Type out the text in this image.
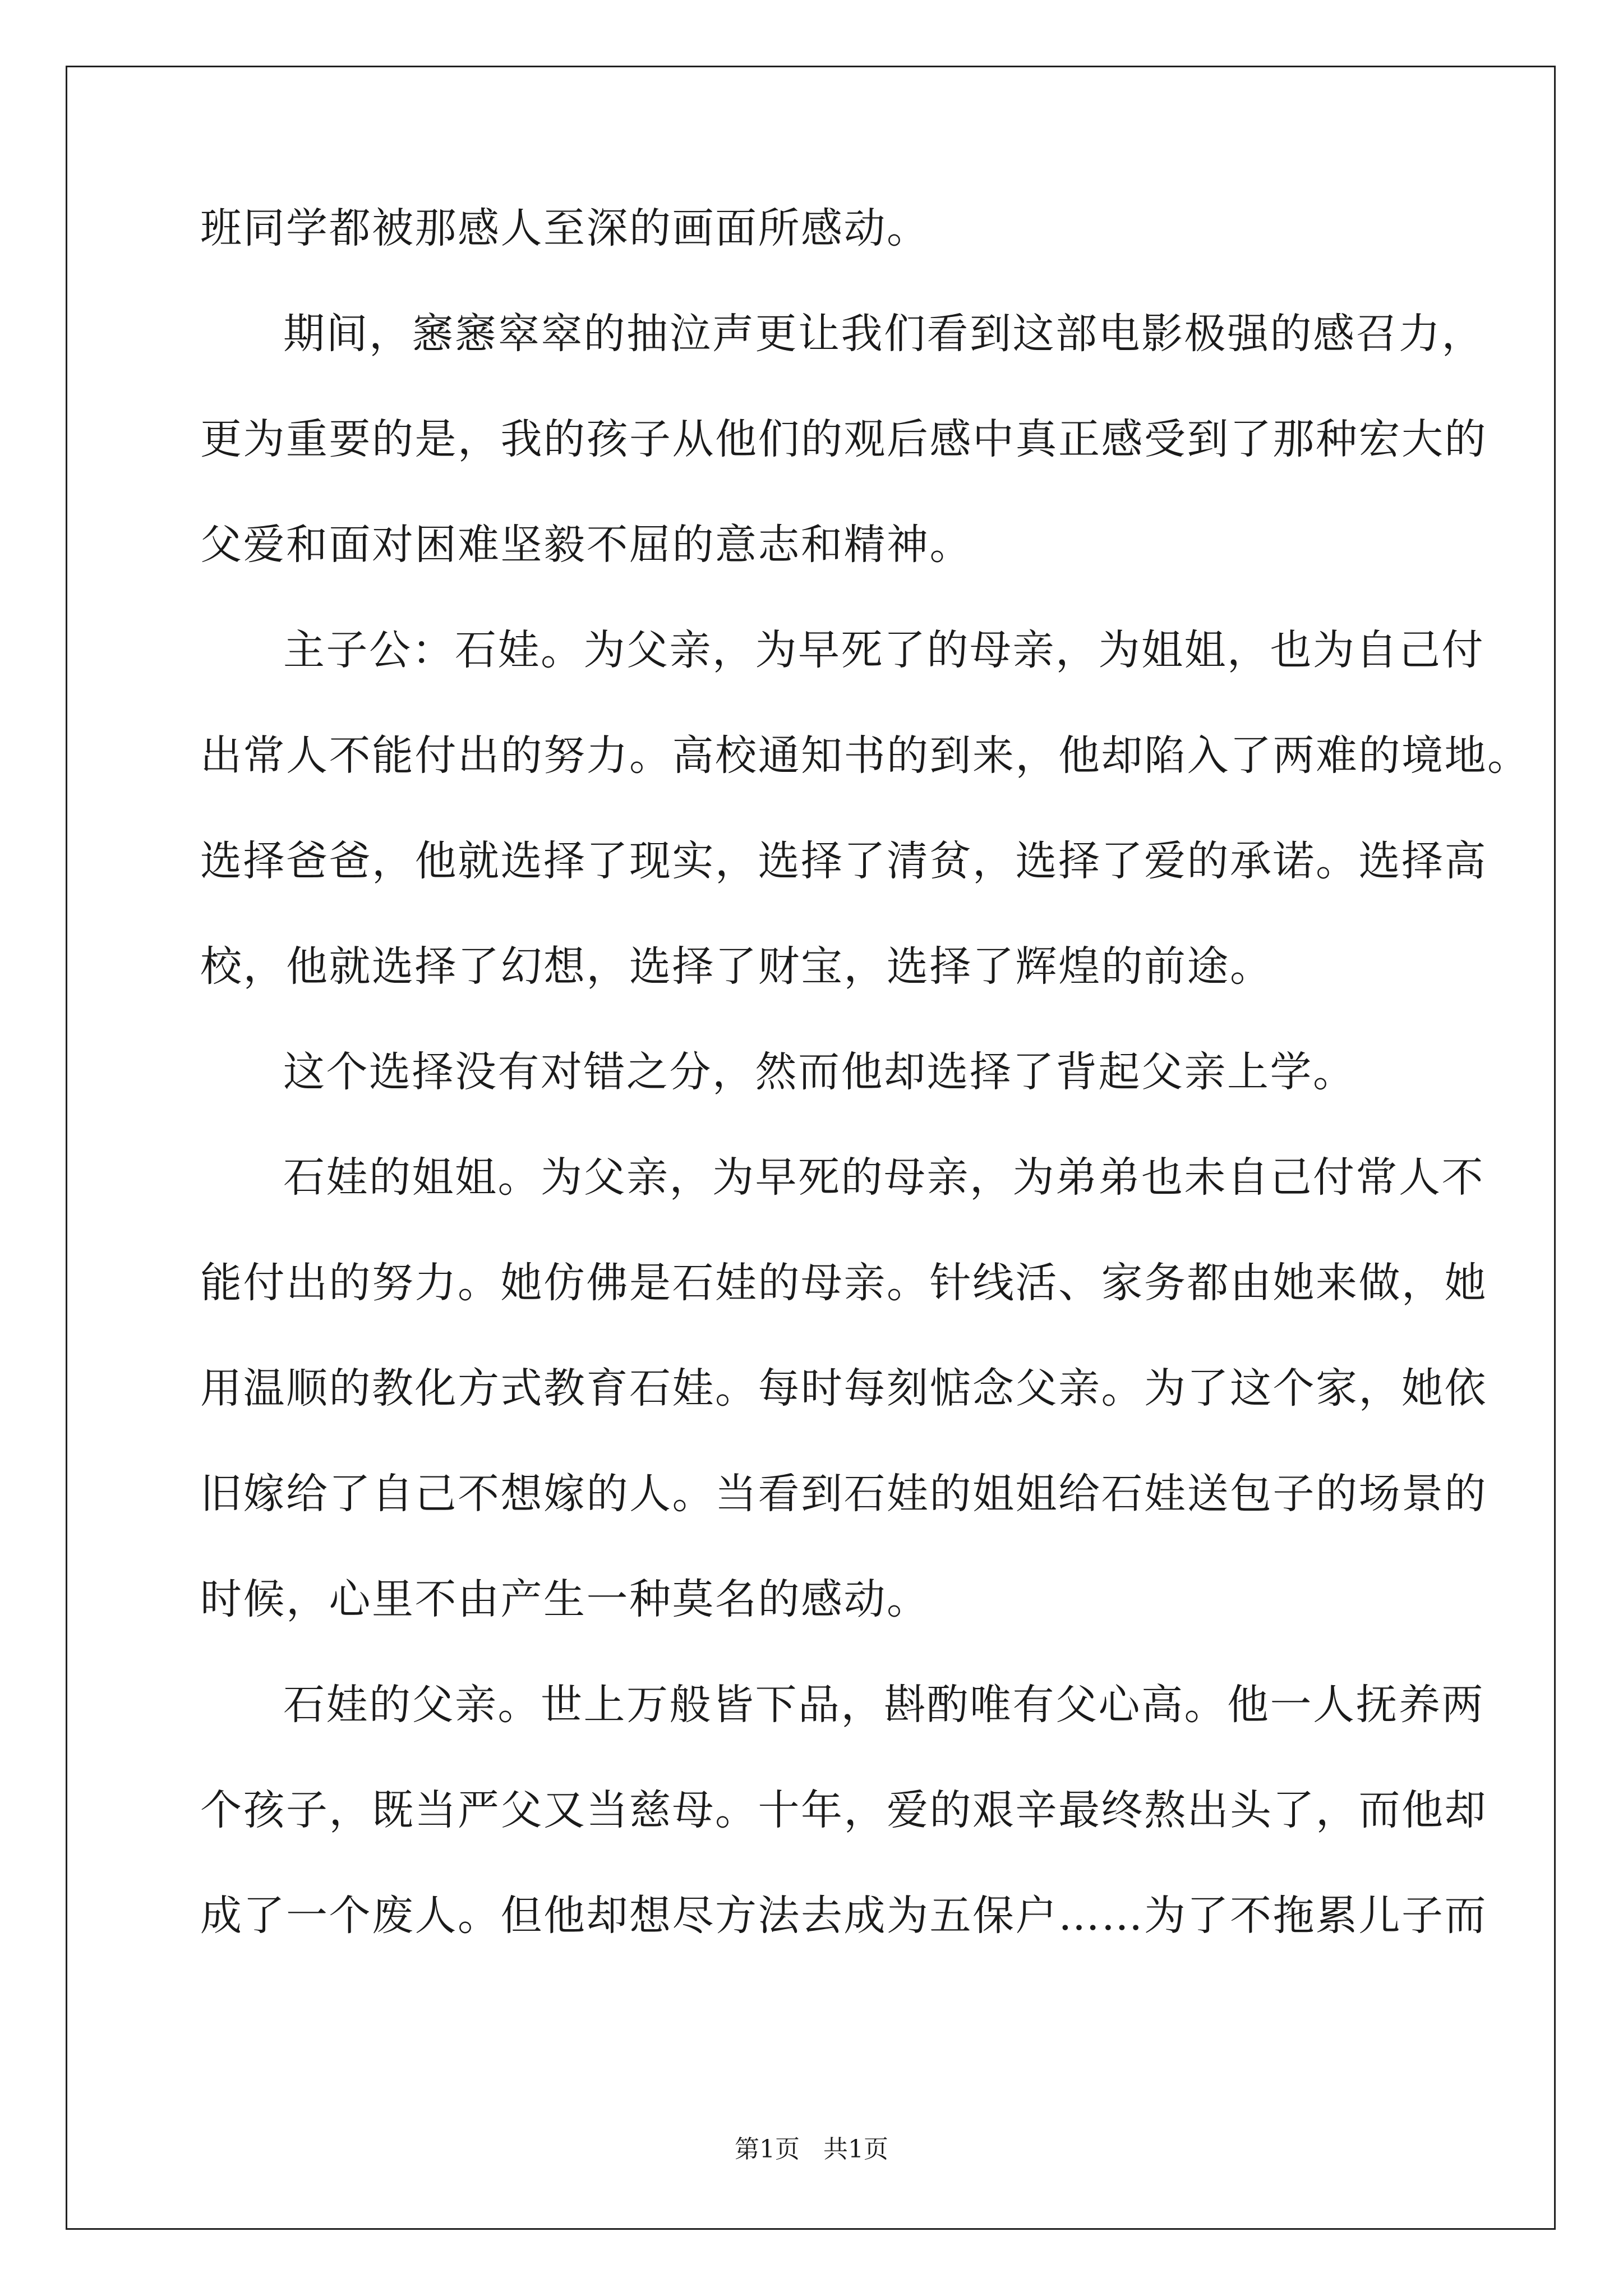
班同学都被那感人至深的画面所感动。
期间，窸窸窣窣的抽泣声更让我们看到这部电影极强的感召力，
更为重要的是，我的孩子从他们的观后感中真正感受到了那种宏大的
父爱和面对困难坚毅不屈的意志和精神。
主子公：石娃。为父亲，为早死了的母亲，为姐姐，也为自己付
出常人不能付出的努力。高校通知书的到来，他却陷入了两难的境地。
选择爸爸，他就选择了现实，选择了清贫，选择了爱的承诺。选择高
校，他就选择了幻想，选择了财宝，选择了辉煌的前途。
这个选择没有对错之分，然而他却选择了背起父亲上学。
石娃的姐姐。为父亲，为早死的母亲，为弟弟也未自己付常人不
能付出的努力。她仿佛是石娃的母亲。针线活、家务都由她来做，她
用温顺的教化方式教育石娃。每时每刻惦念父亲。为了这个家，她依
旧嫁给了自己不想嫁的人。当看到石娃的姐姐给石娃送包子的场景的
时候，心里不由产生一种莫名的感动。
石娃的父亲。世上万般皆下品，斟酌唯有父心高。他一人抚养两
个孩子，既当严父又当慈母。十年，爱的艰辛最终熬出头了，而他却
成了一个废人。但他却想尽方法去成为五保户……为了不拖累儿子而
第1页 共1页
